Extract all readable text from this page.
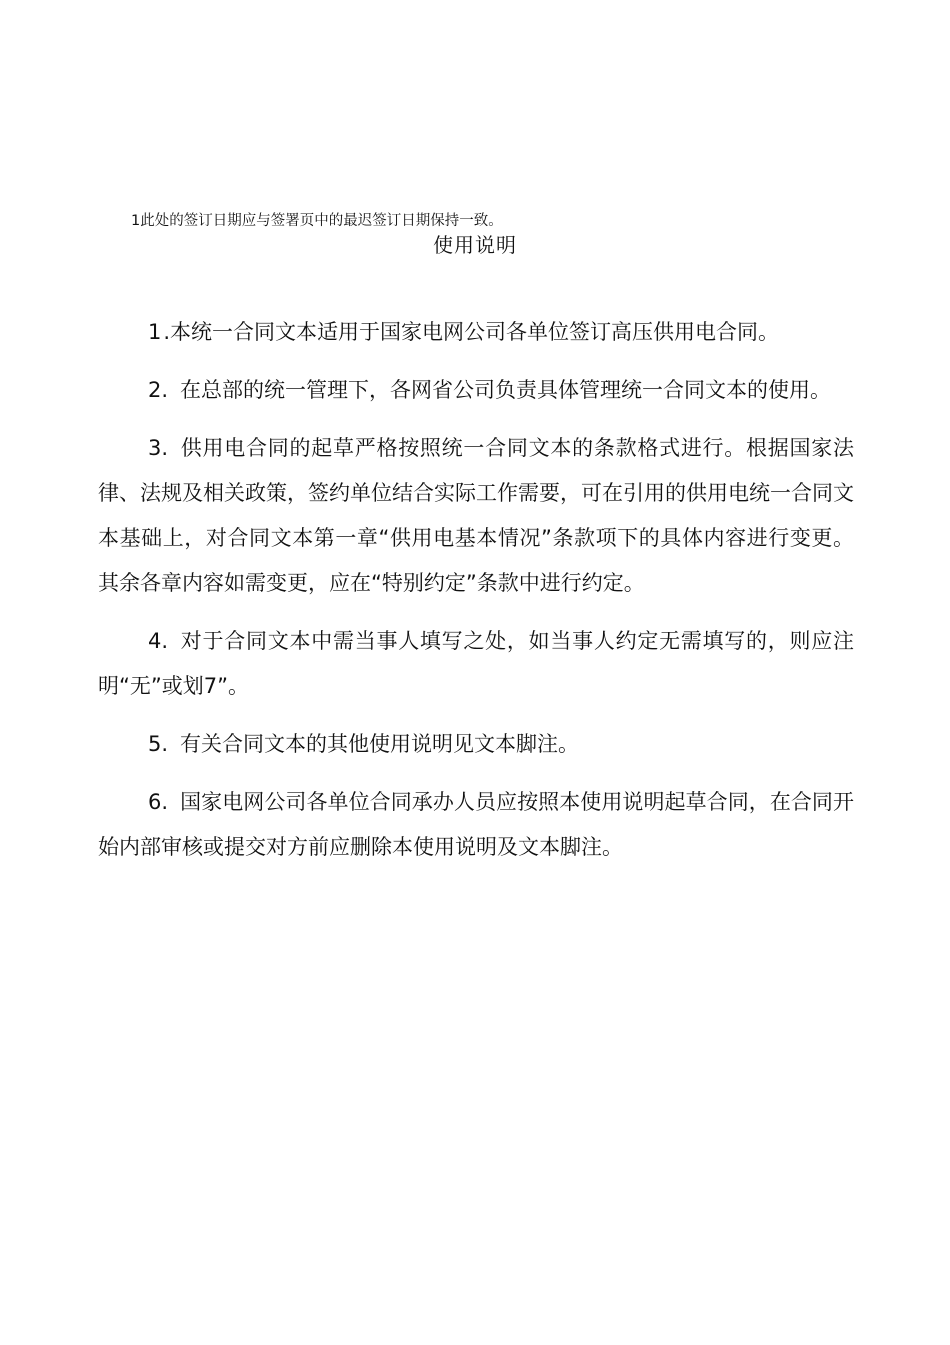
1此处的签订日期应与签署页中的最迟签订日期保持一致。
使用说明

1.本统一合同文本适用于国家电网公司各单位签订高压供用电合同。

2. 在总部的统一管理下，各网省公司负责具体管理统一合同文本的使用。

3. 供用电合同的起草严格按照统一合同文本的条款格式进行。根据国家法律、法规及相关政策，签约单位结合实际工作需要，可在引用的供用电统一合同文本基础上，对合同文本第一章“供用电基本情况”条款项下的具体内容进行变更。其余各章内容如需变更，应在“特别约定”条款中进行约定。

4. 对于合同文本中需当事人填写之处，如当事人约定无需填写的，则应注明“无”或划7”。

5. 有关合同文本的其他使用说明见文本脚注。

6. 国家电网公司各单位合同承办人员应按照本使用说明起草合同，在合同开始内部审核或提交对方前应删除本使用说明及文本脚注。
